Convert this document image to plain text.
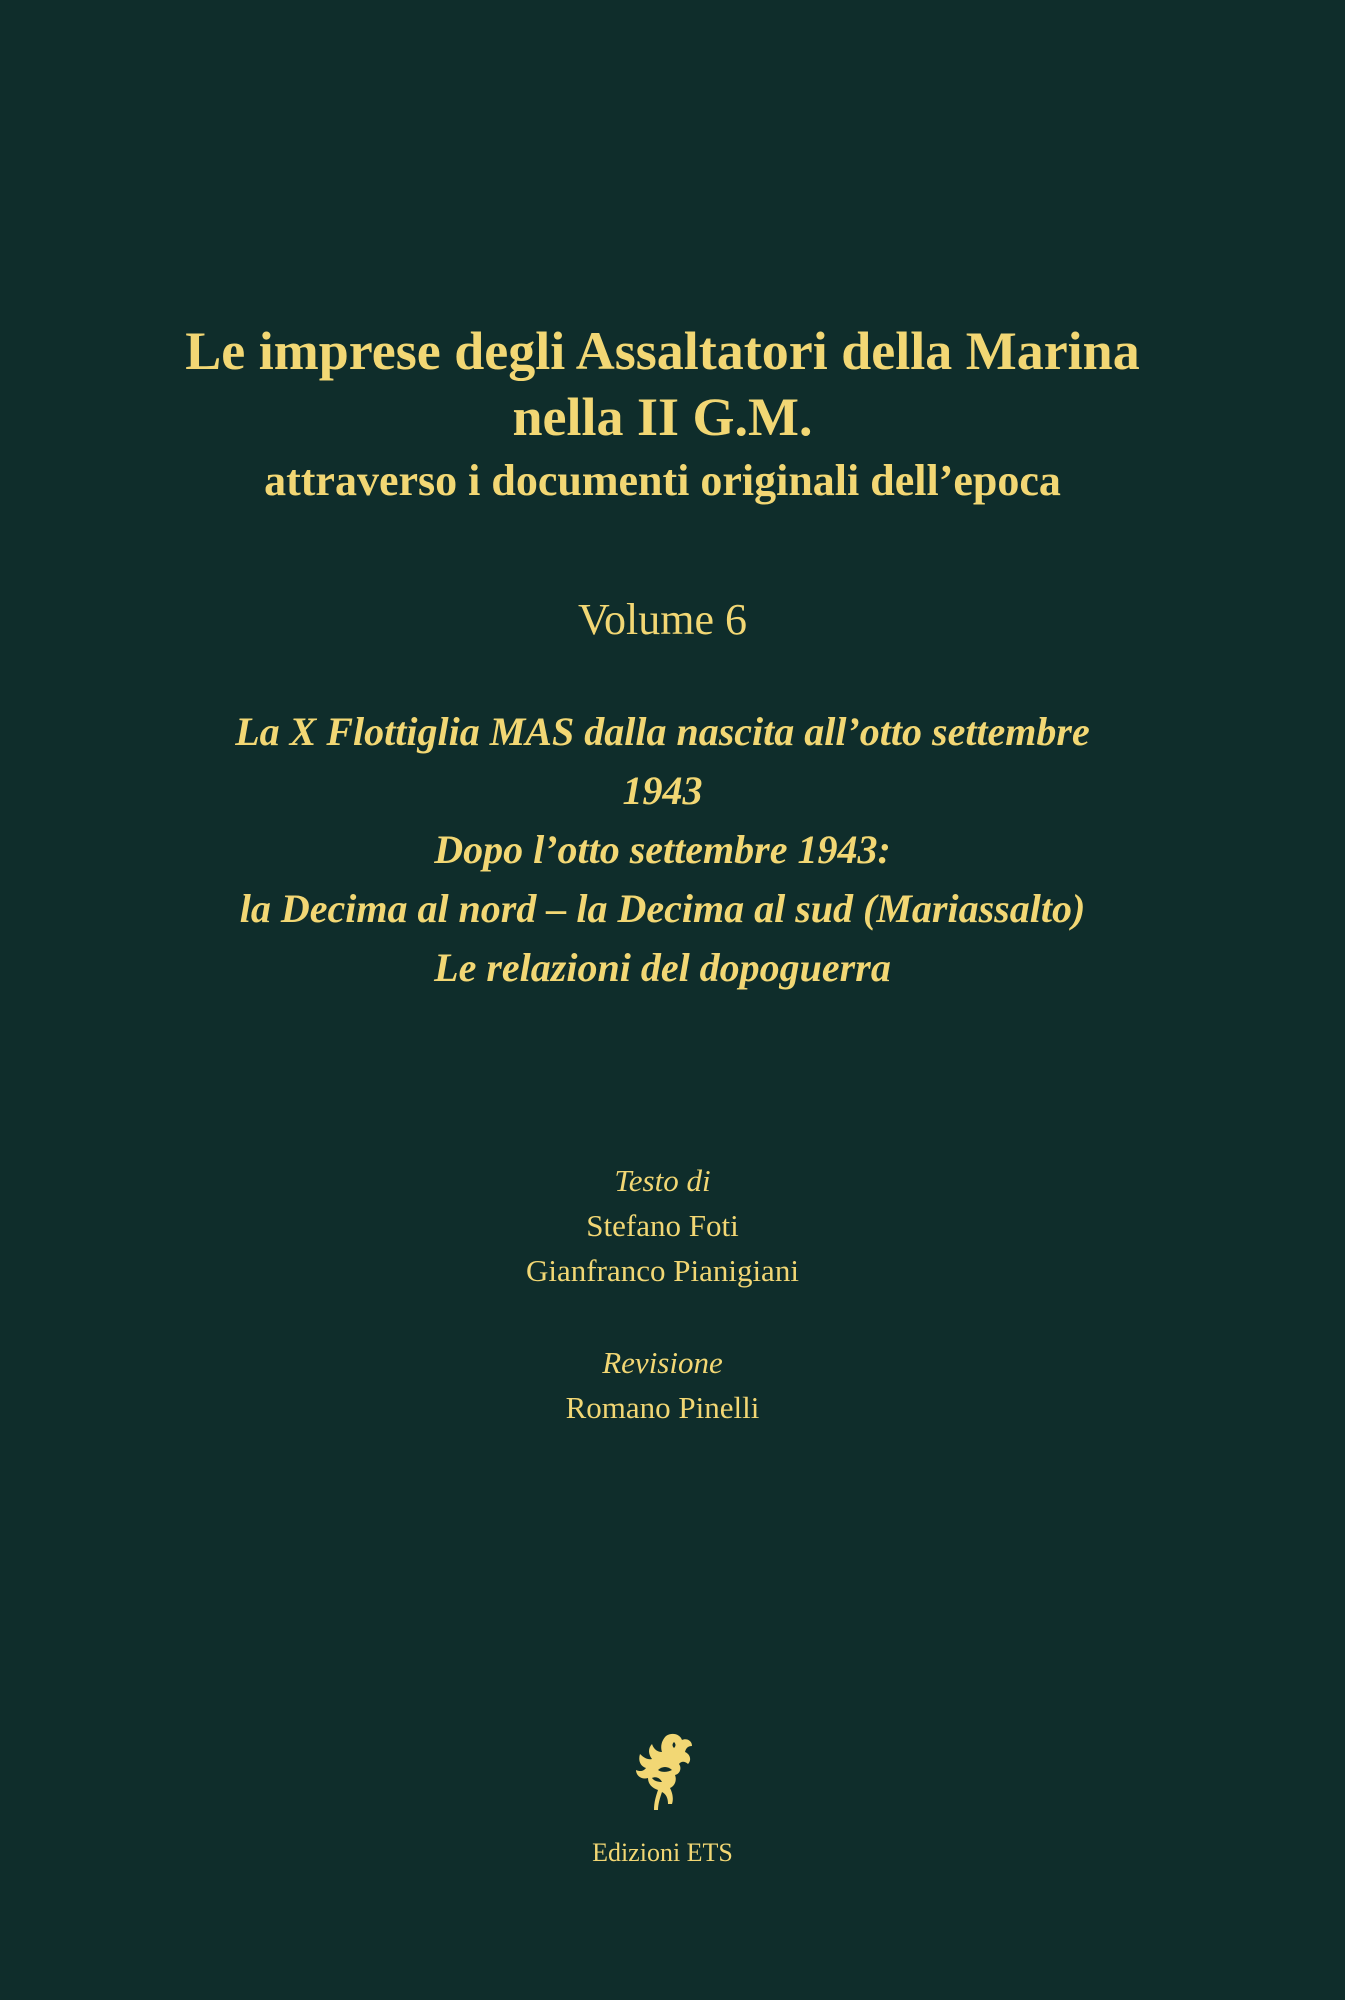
Le imprese degli Assaltatori della Marina
nella II G.M.
attraverso i documenti originali dell’epoca
Volume 6
La X Flottiglia MAS dalla nascita all’otto settembre
1943
Dopo l’otto settembre 1943:
la Decima al nord – la Decima al sud (Mariassalto)
Le relazioni del dopoguerra
Testo di
Stefano Foti
Gianfranco Pianigiani
Revisione
Romano Pinelli
Edizioni ETS
